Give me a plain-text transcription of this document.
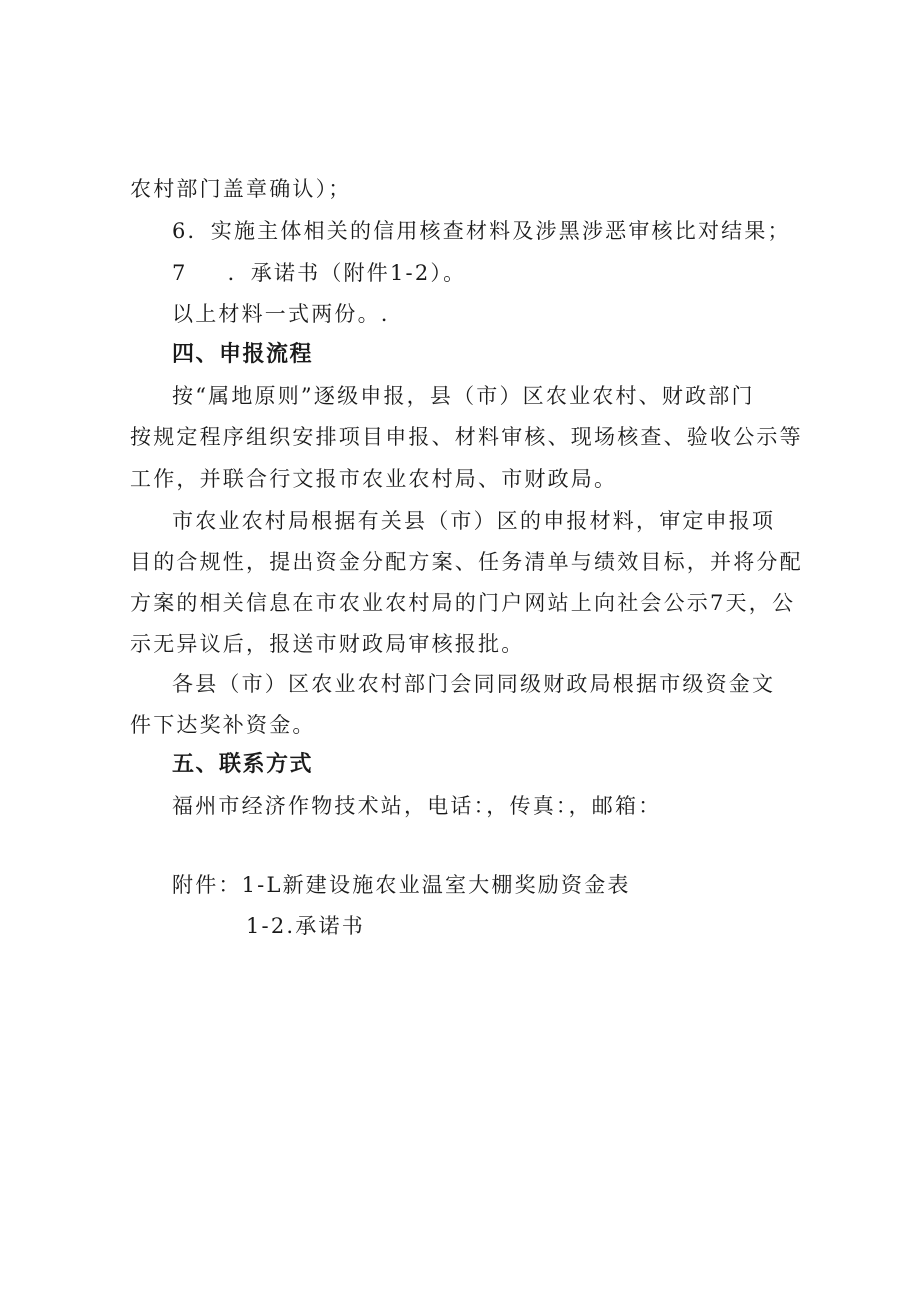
农村部门盖章确认）；
6．实施主体相关的信用核查材料及涉黑涉恶审核比对结果；
7 ．承诺书（附件1-2）。
以上材料一式两份。.
四、申报流程
按“属地原则”逐级申报，县（市）区农业农村、财政部门
按规定程序组织安排项目申报、材料审核、现场核查、验收公示等
工作，并联合行文报市农业农村局、市财政局。
市农业农村局根据有关县（市）区的申报材料，审定申报项
目的合规性，提出资金分配方案、任务清单与绩效目标，并将分配
方案的相关信息在市农业农村局的门户网站上向社会公示7天，公
示无异议后，报送市财政局审核报批。
各县（市）区农业农村部门会同同级财政局根据市级资金文
件下达奖补资金。
五、联系方式
福州市经济作物技术站，电话：，传真：，邮箱：
附件：1-L新建设施农业温室大棚奖励资金表
1-2.承诺书
